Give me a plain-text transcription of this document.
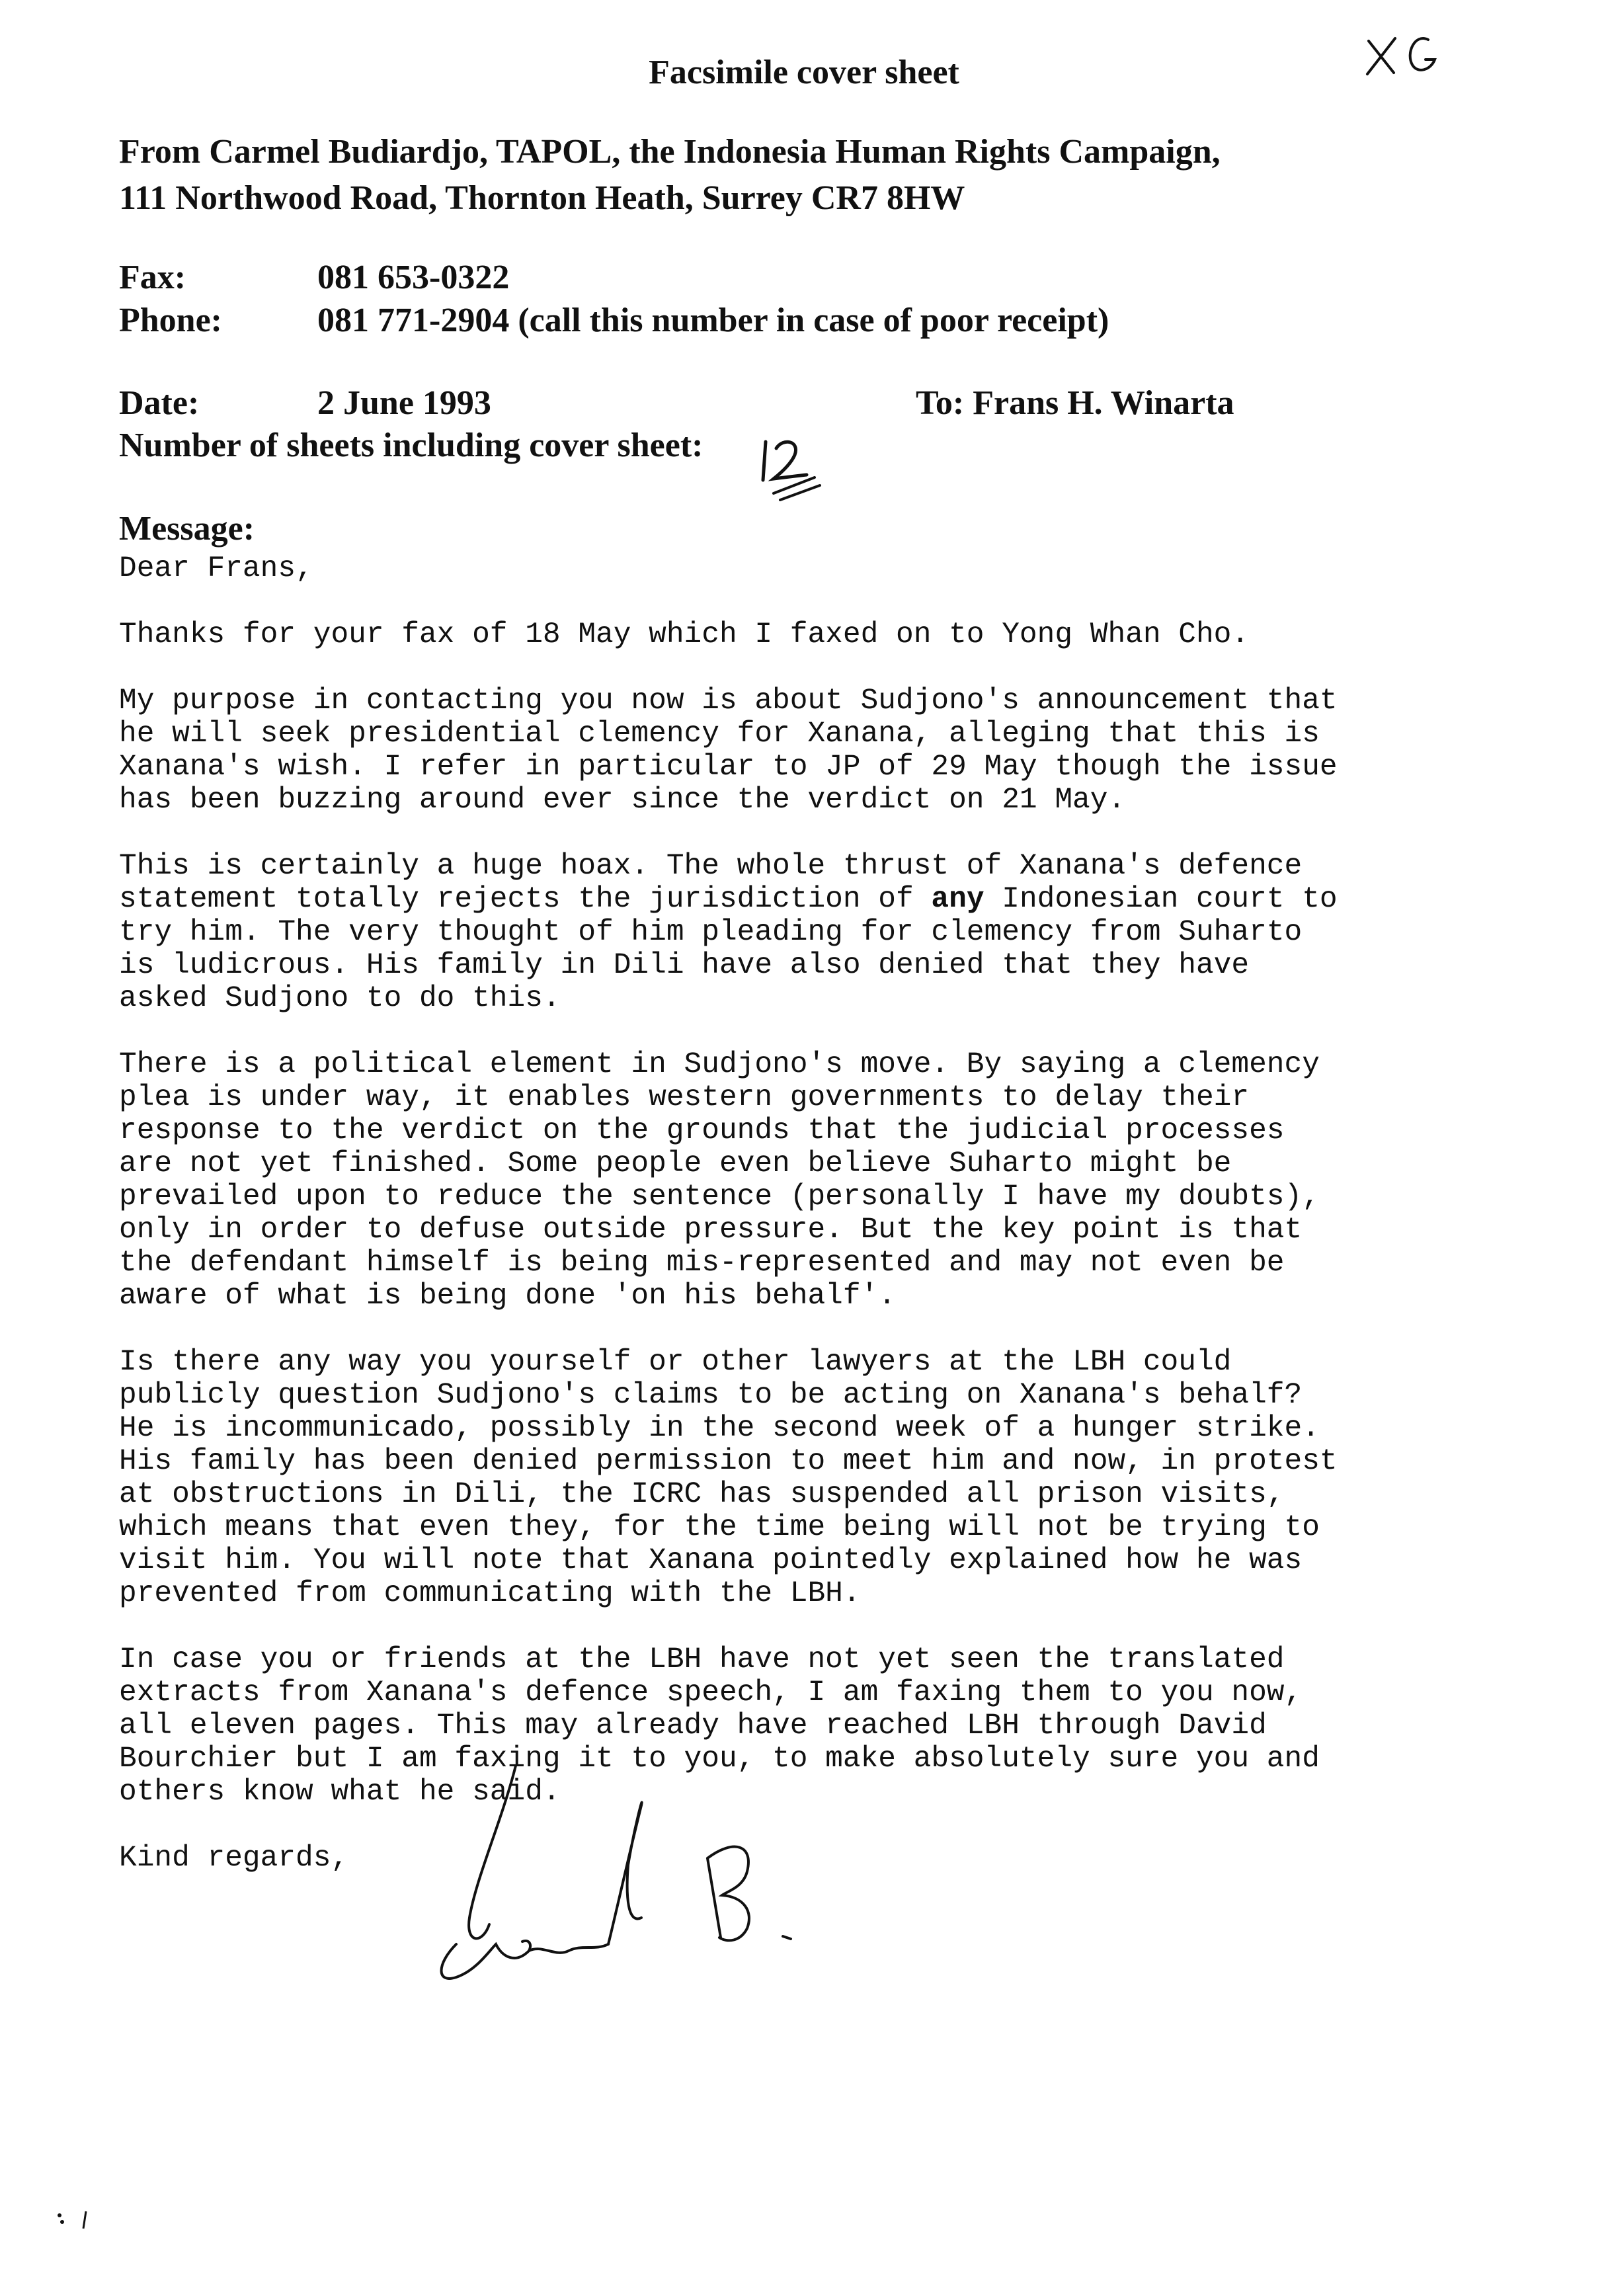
Facsimile cover sheet
From Carmel Budiardjo, TAPOL, the Indonesia Human Rights Campaign,
111 Northwood Road, Thornton Heath, Surrey CR7 8HW
Fax:	081 653-0322
Phone:	081 771-2904 (call this number in case of poor receipt)
Date:	2 June 1993	To: Frans H. Winarta
Number of sheets including cover sheet:
Message:
Dear Frans,
Thanks for your fax of 18 May which I faxed on to Yong Whan Cho.
My purpose in contacting you now is about Sudjono's announcement that
he will seek presidential clemency for Xanana, alleging that this is
Xanana's wish. I refer in particular to JP of 29 May though the issue
has been buzzing around ever since the verdict on 21 May.
This is certainly a huge hoax. The whole thrust of Xanana's defence
statement totally rejects the jurisdiction of any Indonesian court to
try him. The very thought of him pleading for clemency from Suharto
is ludicrous. His family in Dili have also denied that they have
asked Sudjono to do this.
There is a political element in Sudjono's move. By saying a clemency
plea is under way, it enables western governments to delay their
response to the verdict on the grounds that the judicial processes
are not yet finished. Some people even believe Suharto might be
prevailed upon to reduce the sentence (personally I have my doubts),
only in order to defuse outside pressure. But the key point is that
the defendant himself is being mis-represented and may not even be
aware of what is being done 'on his behalf'.
Is there any way you yourself or other lawyers at the LBH could
publicly question Sudjono's claims to be acting on Xanana's behalf?
He is incommunicado, possibly in the second week of a hunger strike.
His family has been denied permission to meet him and now, in protest
at obstructions in Dili, the ICRC has suspended all prison visits,
which means that even they, for the time being will not be trying to
visit him. You will note that Xanana pointedly explained how he was
prevented from communicating with the LBH.
In case you or friends at the LBH have not yet seen the translated
extracts from Xanana's defence speech, I am faxing them to you now,
all eleven pages. This may already have reached LBH through David
Bourchier but I am faxing it to you, to make absolutely sure you and
others know what he said.
Kind regards,
